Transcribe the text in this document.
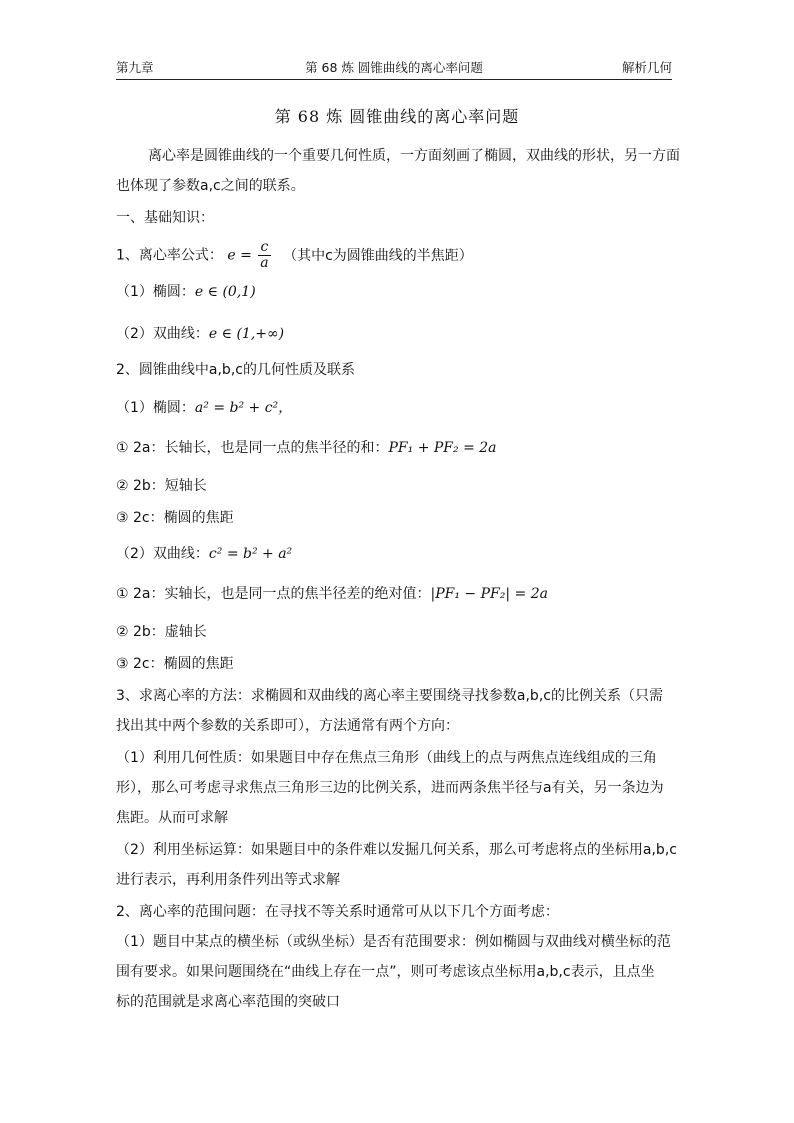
第九章	第 68 炼 圆锥曲线的离心率问题	解析几何
第 68 炼 圆锥曲线的离心率问题
离心率是圆锥曲线的一个重要几何性质，一方面刻画了椭圆，双曲线的形状，另一方面
也体现了参数a,c之间的联系。
一、基础知识：
1、离心率公式： $e = \frac{c}{a}$ （其中c为圆锥曲线的半焦距）
（1）椭圆：e ∈ (0,1)
（2）双曲线：e ∈ (1,+∞)
2、圆锥曲线中a,b,c的几何性质及联系
（1）椭圆：a² = b² + c²，
① 2a：长轴长，也是同一点的焦半径的和：PF₁ + PF₂ = 2a
② 2b：短轴长
③ 2c：椭圆的焦距
（2）双曲线：c² = b² + a²
① 2a：实轴长，也是同一点的焦半径差的绝对值：|PF₁ − PF₂| = 2a
② 2b：虚轴长
③ 2c：椭圆的焦距
3、求离心率的方法：求椭圆和双曲线的离心率主要围绕寻找参数a,b,c的比例关系（只需
找出其中两个参数的关系即可），方法通常有两个方向：
（1）利用几何性质：如果题目中存在焦点三角形（曲线上的点与两焦点连线组成的三角
形），那么可考虑寻求焦点三角形三边的比例关系，进而两条焦半径与a有关，另一条边为
焦距。从而可求解
（2）利用坐标运算：如果题目中的条件难以发掘几何关系，那么可考虑将点的坐标用a,b,c
进行表示，再利用条件列出等式求解
2、离心率的范围问题：在寻找不等关系时通常可从以下几个方面考虑：
（1）题目中某点的横坐标（或纵坐标）是否有范围要求：例如椭圆与双曲线对横坐标的范
围有要求。如果问题围绕在“曲线上存在一点”，则可考虑该点坐标用a,b,c表示，且点坐
标的范围就是求离心率范围的突破口
